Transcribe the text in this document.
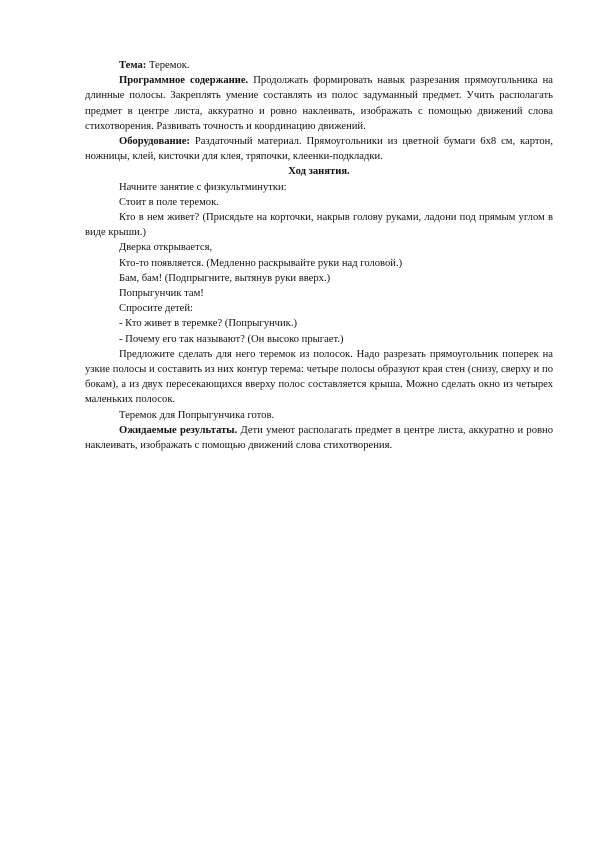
Тема: Теремок.

Программное содержание. Продолжать формировать навык разрезания прямоугольника на длинные полосы. Закреплять умение составлять из полос задуманный предмет. Учить располагать предмет в центре листа, аккуратно и ровно наклеивать, изображать с помощью движений слова стихотворения. Развивать точность и координацию движений.

Оборудование: Раздаточный материал. Прямоугольники из цветной бумаги 6х8 см, картон, ножницы, клей, кисточки для клея, тряпочки, клеенки-подкладки.

Ход занятия.

Начните занятие с физкультминутки:

Стоит в поле теремок.

Кто в нем живет? (Присядьте на корточки, накрыв голову руками, ладони под прямым углом в виде крыши.)

Дверка открывается,

Кто-то появляется. (Медленно раскрывайте руки над головой.)

Бам, бам! (Подпрыгните, вытянув руки вверх.)

Попрыгунчик там!

Спросите детей:

- Кто живет в теремке? (Попрыгунчик.)

- Почему его так называют? (Он высоко прыгает.)

Предложите сделать для него теремок из полосок. Надо разрезать прямоугольник поперек на узкие полосы и составить из них контур терема: четыре полосы образуют края стен (снизу, сверху и по бокам), а из двух пересекающихся вверху полос составляется крыша. Можно сделать окно из четырех маленьких полосок.

Теремок для Попрыгунчика готов.

Ожидаемые результаты. Дети умеют располагать предмет в центре листа, аккуратно и ровно наклеивать, изображать с помощью движений слова стихотворения.
